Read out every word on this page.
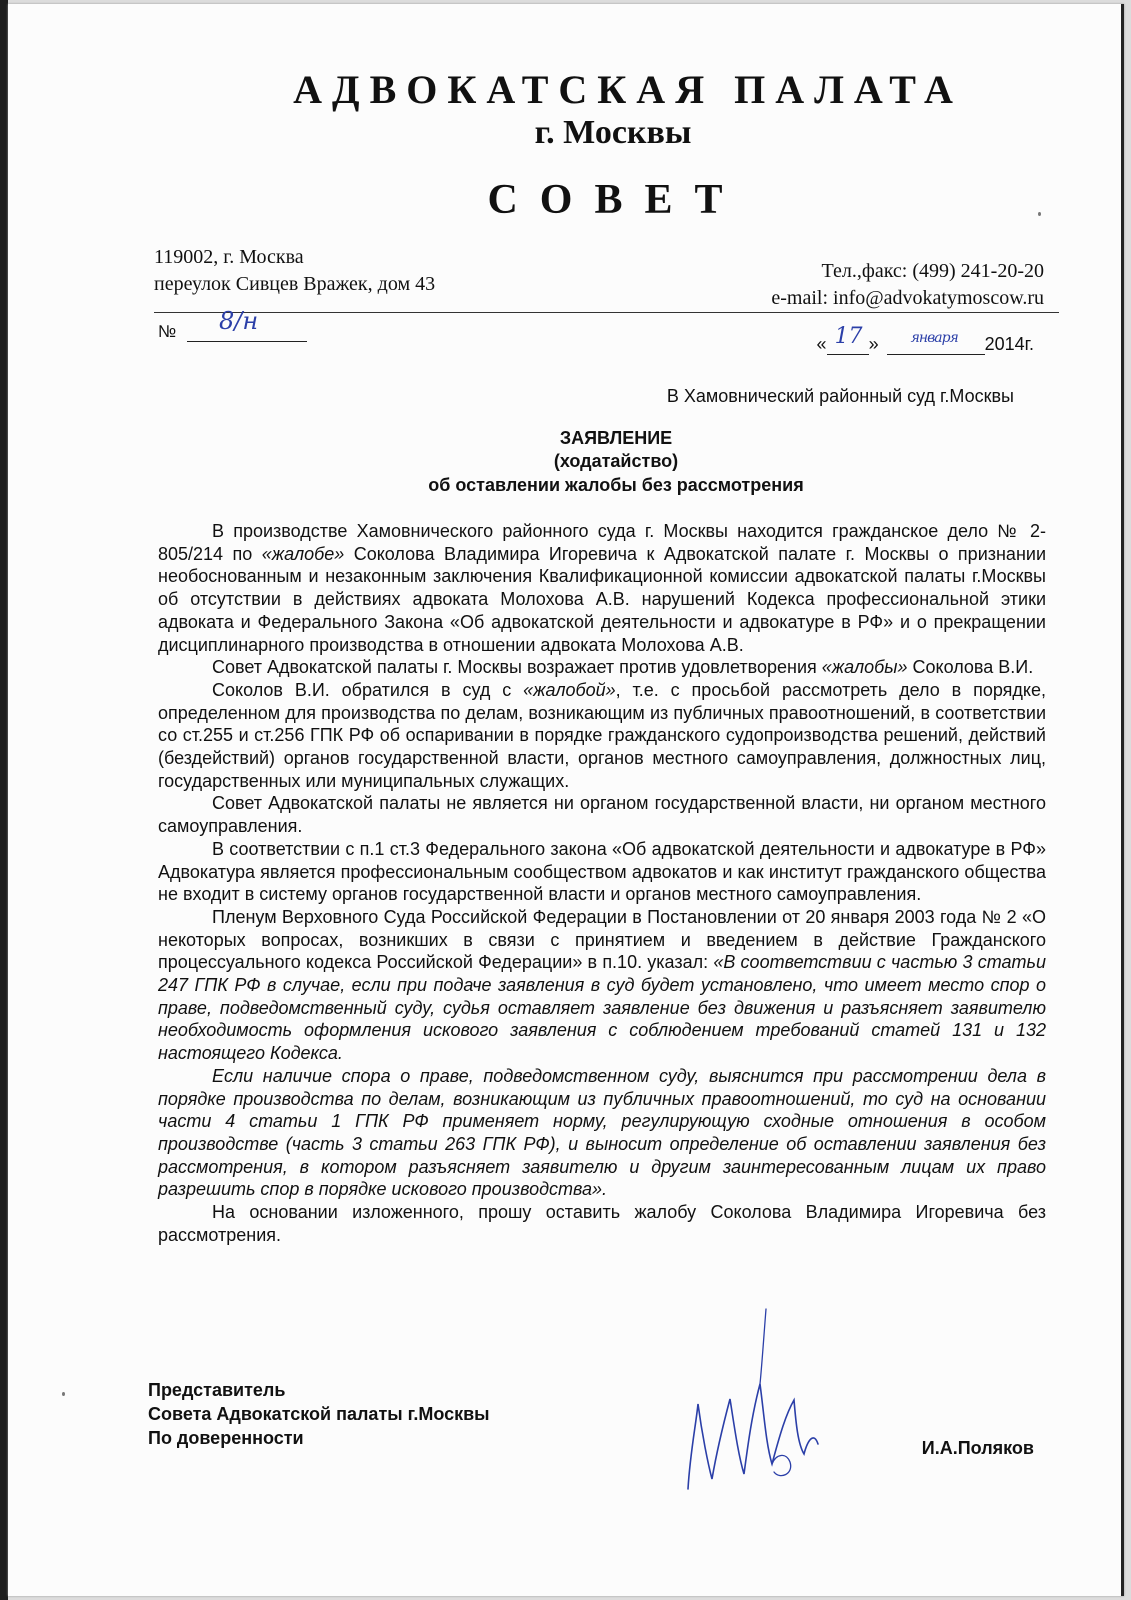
АДВОКАТСКАЯ ПАЛАТА
г. Москвы
СОВЕТ
119002, г. Москва
переулок Сивцев Вражек, дом 43
Тел.,факс: (499) 241-20-20
e-mail: info@advokatymoscow.ru
№ 8/н
« 17 » января 2014г.
В Хамовнический районный суд г.Москвы
ЗАЯВЛЕНИЕ
(ходатайство)
об оставлении жалобы без рассмотрения

В производстве Хамовнического районного суда г. Москвы находится гражданское дело № 2-805/214 по «жалобе» Соколова Владимира Игоревича к Адвокатской палате г. Москвы о признании необоснованным и незаконным заключения Квалификационной комиссии адвокатской палаты г.Москвы об отсутствии в действиях адвоката Молохова А.В. нарушений Кодекса профессиональной этики адвоката и Федерального Закона «Об адвокатской деятельности и адвокатуре в РФ» и о прекращении дисциплинарного производства в отношении адвоката Молохова А.В.

Совет Адвокатской палаты г. Москвы возражает против удовлетворения «жалобы» Соколова В.И.

Соколов В.И. обратился в суд с «жалобой», т.е. с просьбой рассмотреть дело в порядке, определенном для производства по делам, возникающим из публичных правоотношений, в соответствии со ст.255 и ст.256 ГПК РФ об оспаривании в порядке гражданского судопроизводства решений, действий (бездействий) органов государственной власти, органов местного самоуправления, должностных лиц, государственных или муниципальных служащих.

Совет Адвокатской палаты не является ни органом государственной власти, ни органом местного самоуправления.

В соответствии с п.1 ст.3 Федерального закона «Об адвокатской деятельности и адвокатуре в РФ» Адвокатура является профессиональным сообществом адвокатов и как институт гражданского общества не входит в систему органов государственной власти и органов местного самоуправления.

Пленум Верховного Суда Российской Федерации в Постановлении от 20 января 2003 года № 2 «О некоторых вопросах, возникших в связи с принятием и введением в действие Гражданского процессуального кодекса Российской Федерации» в п.10. указал: «В соответствии с частью 3 статьи 247 ГПК РФ в случае, если при подаче заявления в суд будет установлено, что имеет место спор о праве, подведомственный суду, судья оставляет заявление без движения и разъясняет заявителю необходимость оформления искового заявления с соблюдением требований статей 131 и 132 настоящего Кодекса.

Если наличие спора о праве, подведомственном суду, выяснится при рассмотрении дела в порядке производства по делам, возникающим из публичных правоотношений, то суд на основании части 4 статьи 1 ГПК РФ применяет норму, регулирующую сходные отношения в особом производстве (часть 3 статьи 263 ГПК РФ), и выносит определение об оставлении заявления без рассмотрения, в котором разъясняет заявителю и другим заинтересованным лицам их право разрешить спор в порядке искового производства».

На основании изложенного, прошу оставить жалобу Соколова Владимира Игоревича без рассмотрения.

Представитель
Совета Адвокатской палаты г.Москвы
По доверенности	И.А.Поляков
